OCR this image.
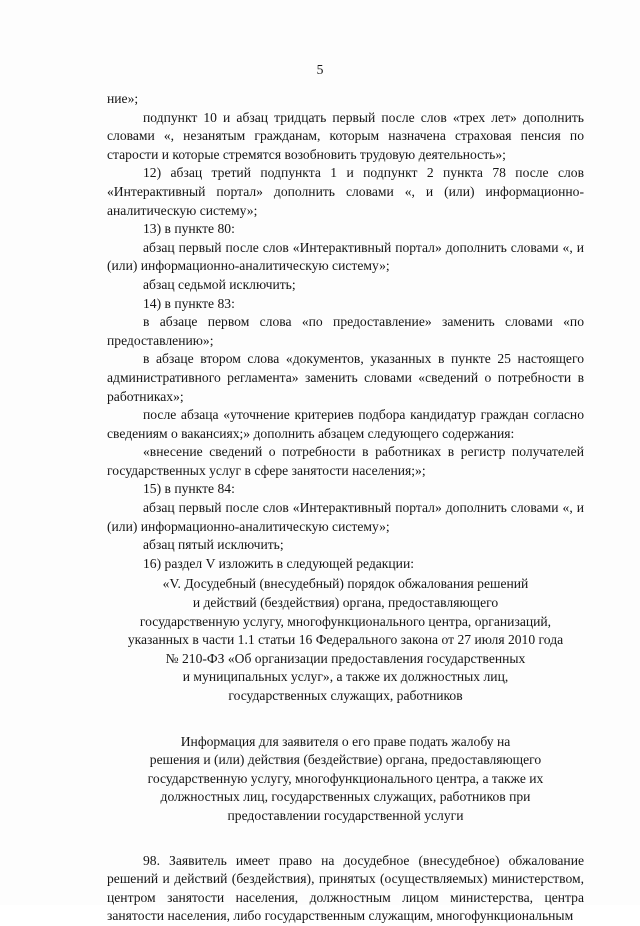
5

ние»;

подпункт 10 и абзац тридцать первый после слов «трех лет» дополнить словами «, незанятым гражданам, которым назначена страховая пенсия по старости и которые стремятся возобновить трудовую деятельность»;

12) абзац третий подпункта 1 и подпункт 2 пункта 78 после слов «Интерактивный портал» дополнить словами «, и (или) информационно-аналитическую систему»;

13) в пункте 80:

абзац первый после слов «Интерактивный портал» дополнить словами «, и (или) информационно-аналитическую систему»;

абзац седьмой исключить;

14) в пункте 83:

в абзаце первом слова «по предоставление» заменить словами «по предоставлению»;

в абзаце втором слова «документов, указанных в пункте 25 настоящего административного регламента» заменить словами «сведений о потребности в работниках»;

после абзаца «уточнение критериев подбора кандидатур граждан согласно сведениям о вакансиях;» дополнить абзацем следующего содержания:

«внесение сведений о потребности в работниках в регистр получателей государственных услуг в сфере занятости населения;»;

15) в пункте 84:

абзац первый после слов «Интерактивный портал» дополнить словами «, и (или) информационно-аналитическую систему»;

абзац пятый исключить;

16) раздел V изложить в следующей редакции:

«V. Досудебный (внесудебный) порядок обжалования решений
и действий (бездействия) органа, предоставляющего
государственную услугу, многофункционального центра, организаций,
указанных в части 1.1 статьи 16 Федерального закона от 27 июля 2010 года
№ 210-ФЗ «Об организации предоставления государственных
и муниципальных услуг», а также их должностных лиц,
государственных служащих, работников

Информация для заявителя о его праве подать жалобу на
решения и (или) действия (бездействие) органа, предоставляющего
государственную услугу, многофункционального центра, а также их
должностных лиц, государственных служащих, работников при
предоставлении государственной услуги

98. Заявитель имеет право на досудебное (внесудебное) обжалование решений и действий (бездействия), принятых (осуществляемых) министерством, центром занятости населения, должностным лицом министерства, центра занятости населения, либо государственным служащим, многофункциональным
